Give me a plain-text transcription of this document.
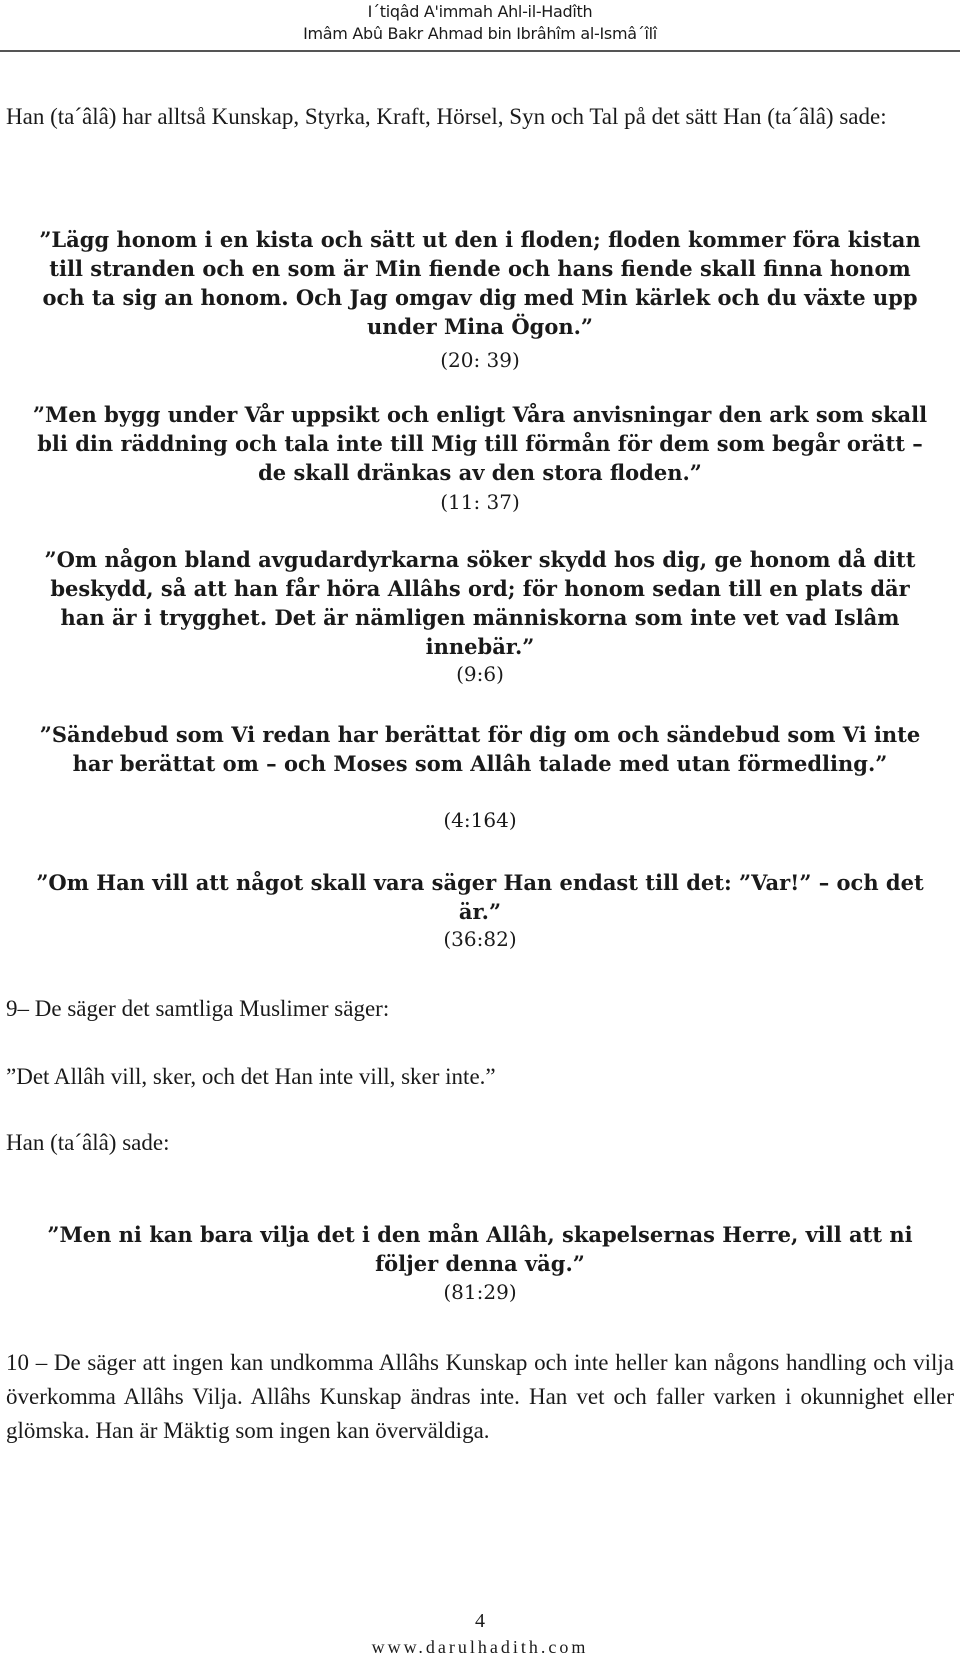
I´tiqâd A'immah Ahl-il-Hadîth
Imâm Abû Bakr Ahmad bin Ibrâhîm al-Ismâ´îlî
Han (ta´âlâ) har alltså Kunskap, Styrka, Kraft, Hörsel, Syn och Tal på det sätt Han (ta´âlâ) sade:
”Lägg honom i en kista och sätt ut den i floden; floden kommer föra kistan till stranden och en som är Min fiende och hans fiende skall finna honom och ta sig an honom. Och Jag omgav dig med Min kärlek och du växte upp under Mina Ögon.”
(20: 39)
”Men bygg under Vår uppsikt och enligt Våra anvisningar den ark som skall bli din räddning och tala inte till Mig till förmån för dem som begår orätt – de skall dränkas av den stora floden.”
(11: 37)
”Om någon bland avgudardyrkarna söker skydd hos dig, ge honom då ditt beskydd, så att han får höra Allâhs ord; för honom sedan till en plats där han är i trygghet. Det är nämligen människorna som inte vet vad Islâm innebär.”
(9:6)
”Sändebud som Vi redan har berättat för dig om och sändebud som Vi inte har berättat om – och Moses som Allâh talade med utan förmedling.”
(4:164)
”Om Han vill att något skall vara säger Han endast till det: ”Var!” – och det är.”
(36:82)
9– De säger det samtliga Muslimer säger:
”Det Allâh vill, sker, och det Han inte vill, sker inte.”
Han (ta´âlâ) sade:
”Men ni kan bara vilja det i den mån Allâh, skapelsernas Herre, vill att ni följer denna väg.”
(81:29)
10 – De säger att ingen kan undkomma Allâhs Kunskap och inte heller kan någons handling och vilja överkomma Allâhs Vilja. Allâhs Kunskap ändras inte. Han vet och faller varken i okunnighet eller glömska. Han är Mäktig som ingen kan överväldiga.
4
www.darulhadith.com
